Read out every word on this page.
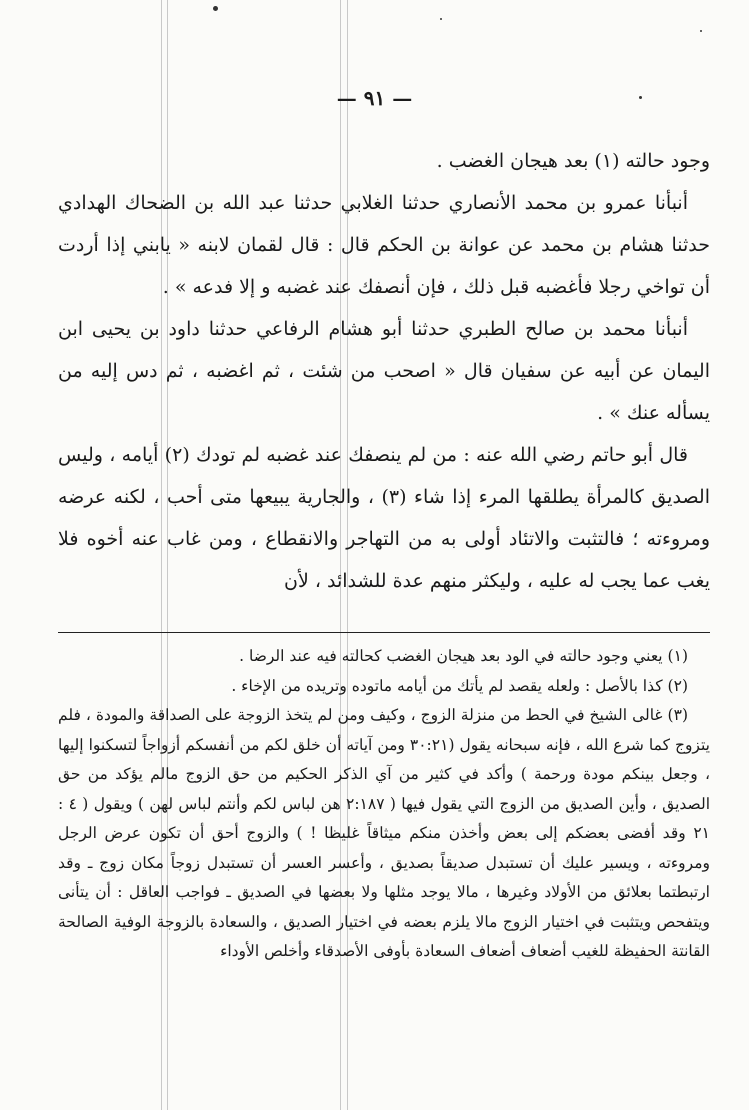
— ٩١ —

وجود حالته (١) بعد هيجان الغضب .

أنبأنا عمرو بن محمد الأنصاري حدثنا الغلابي حدثنا عبد الله بن الضحاك الهدادي حدثنا هشام بن محمد عن عوانة بن الحكم قال : قال لقمان لابنه « يابني إذا أردت أن تواخي رجلا فأغضبه قبل ذلك ، فإن أنصفك عند غضبه و إلا فدعه » .

أنبأنا محمد بن صالح الطبري حدثنا أبو هشام الرفاعي حدثنا داود بن يحيى ابن اليمان عن أبيه عن سفيان قال « اصحب من شئت ، ثم اغضبه ، ثم دس إليه من يسأله عنك » .

قال أبو حاتم رضي الله عنه : من لم ينصفك عند غضبه لم تودك (٢) أيامه ، وليس الصديق كالمرأة يطلقها المرء إذا شاء (٣) ، والجارية يبيعها متى أحب ، لكنه عرضه ومروءته ؛ فالتثبت والاتئاد أولى به من التهاجر والانقطاع ، ومن غاب عنه أخوه فلا يغب عما يجب له عليه ، وليكثر منهم عدة للشدائد ، لأن

(١) يعني وجود حالته في الود بعد هيجان الغضب كحالته فيه عند الرضا .

(٢) كذا بالأصل : ولعله يقصد لم يأتك من أيامه ماتوده وتريده من الإخاء .

(٣) غالى الشيخ في الحط من منزلة الزوج ، وكيف ومن لم يتخذ الزوجة على الصداقة والمودة ، فلم يتزوج كما شرع الله ، فإنه سبحانه يقول (٣٠:٢١ ومن آياته أن خلق لكم من أنفسكم أزواجاً لتسكنوا إليها ، وجعل بينكم مودة ورحمة ) وأكد في كثير من آي الذكر الحكيم من حق الزوج مالم يؤكد من حق الصديق ، وأين الصديق من الزوج التي يقول فيها ( ٢:١٨٧ هن لباس لكم وأنتم لباس لهن ) ويقول ( ٤ : ٢١ وقد أفضى بعضكم إلى بعض وأخذن منكم ميثاقاً غليظا ! ) والزوج أحق أن تكون عرض الرجل ومروءته ، ويسير عليك أن تستبدل صديقاً بصديق ، وأعسر العسر أن تستبدل زوجاً مكان زوج ـ وقد ارتبطتما بعلائق من الأولاد وغيرها ، مالا يوجد مثلها ولا بعضها في الصديق ـ فواجب العاقل : أن يتأنى ويتفحص ويتثبت في اختيار الزوج مالا يلزم بعضه في اختيار الصديق ، والسعادة بالزوجة الوفية الصالحة القانتة الحفيظة للغيب أضعاف أضعاف السعادة بأوفى الأصدقاء وأخلص الأوداء
